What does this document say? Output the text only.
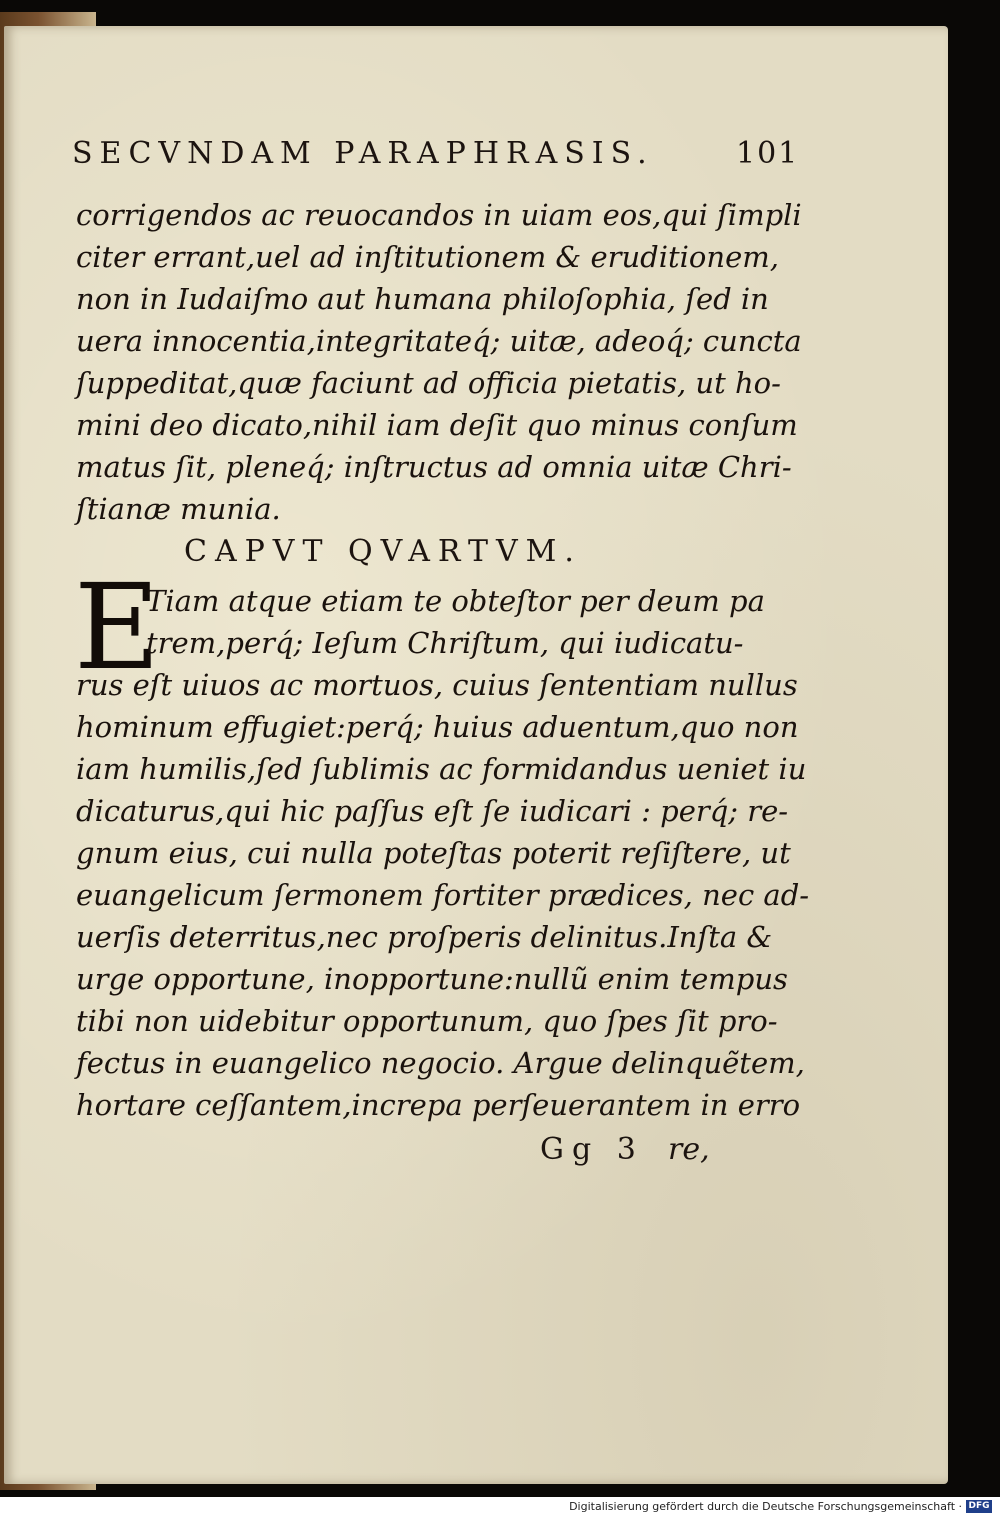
SECVNDAM PARAPHRASIS.	101
corrigendos ac reuocandos in uiam eos,qui ſimpli
citer errant,uel ad inſtitutionem & eruditionem,
non in Iudaiſmo aut humana philoſophia, ſed in
uera innocentia,integritateq́; uitæ, adeoq́; cuncta
ſuppeditat,quæ faciunt ad officia pietatis, ut ho-
mini deo dicato,nihil iam deſit quo minus conſum
matus ſit, pleneq́; inſtructus ad omnia uitæ Chri-
ſtianæ munia.
CAPVT QVARTVM.
E
Tiam atque etiam te obteſtor per deum pa
trem,perq́; Ieſum Chriſtum, qui iudicatu-
rus eſt uiuos ac mortuos, cuius ſententiam nullus
hominum effugiet:perq́; huius aduentum,quo non
iam humilis,ſed ſublimis ac formidandus ueniet iu
dicaturus,qui hic paſſus eſt ſe iudicari : perq́; re-
gnum eius, cui nulla poteſtas poterit reſiſtere, ut
euangelicum ſermonem fortiter prædices, nec ad-
uerſis deterritus,nec proſperis delinitus.Inſta &
urge opportune, inopportune:nullũ enim tempus
tibi non uidebitur opportunum, quo ſpes ſit pro-
fectus in euangelico negocio. Argue delinquẽtem,
hortare ceſſantem,increpa perſeuerantem in erro
Gg 3 re,
Digitalisierung gefördert durch die Deutsche Forschungsgemeinschaft · DFG
